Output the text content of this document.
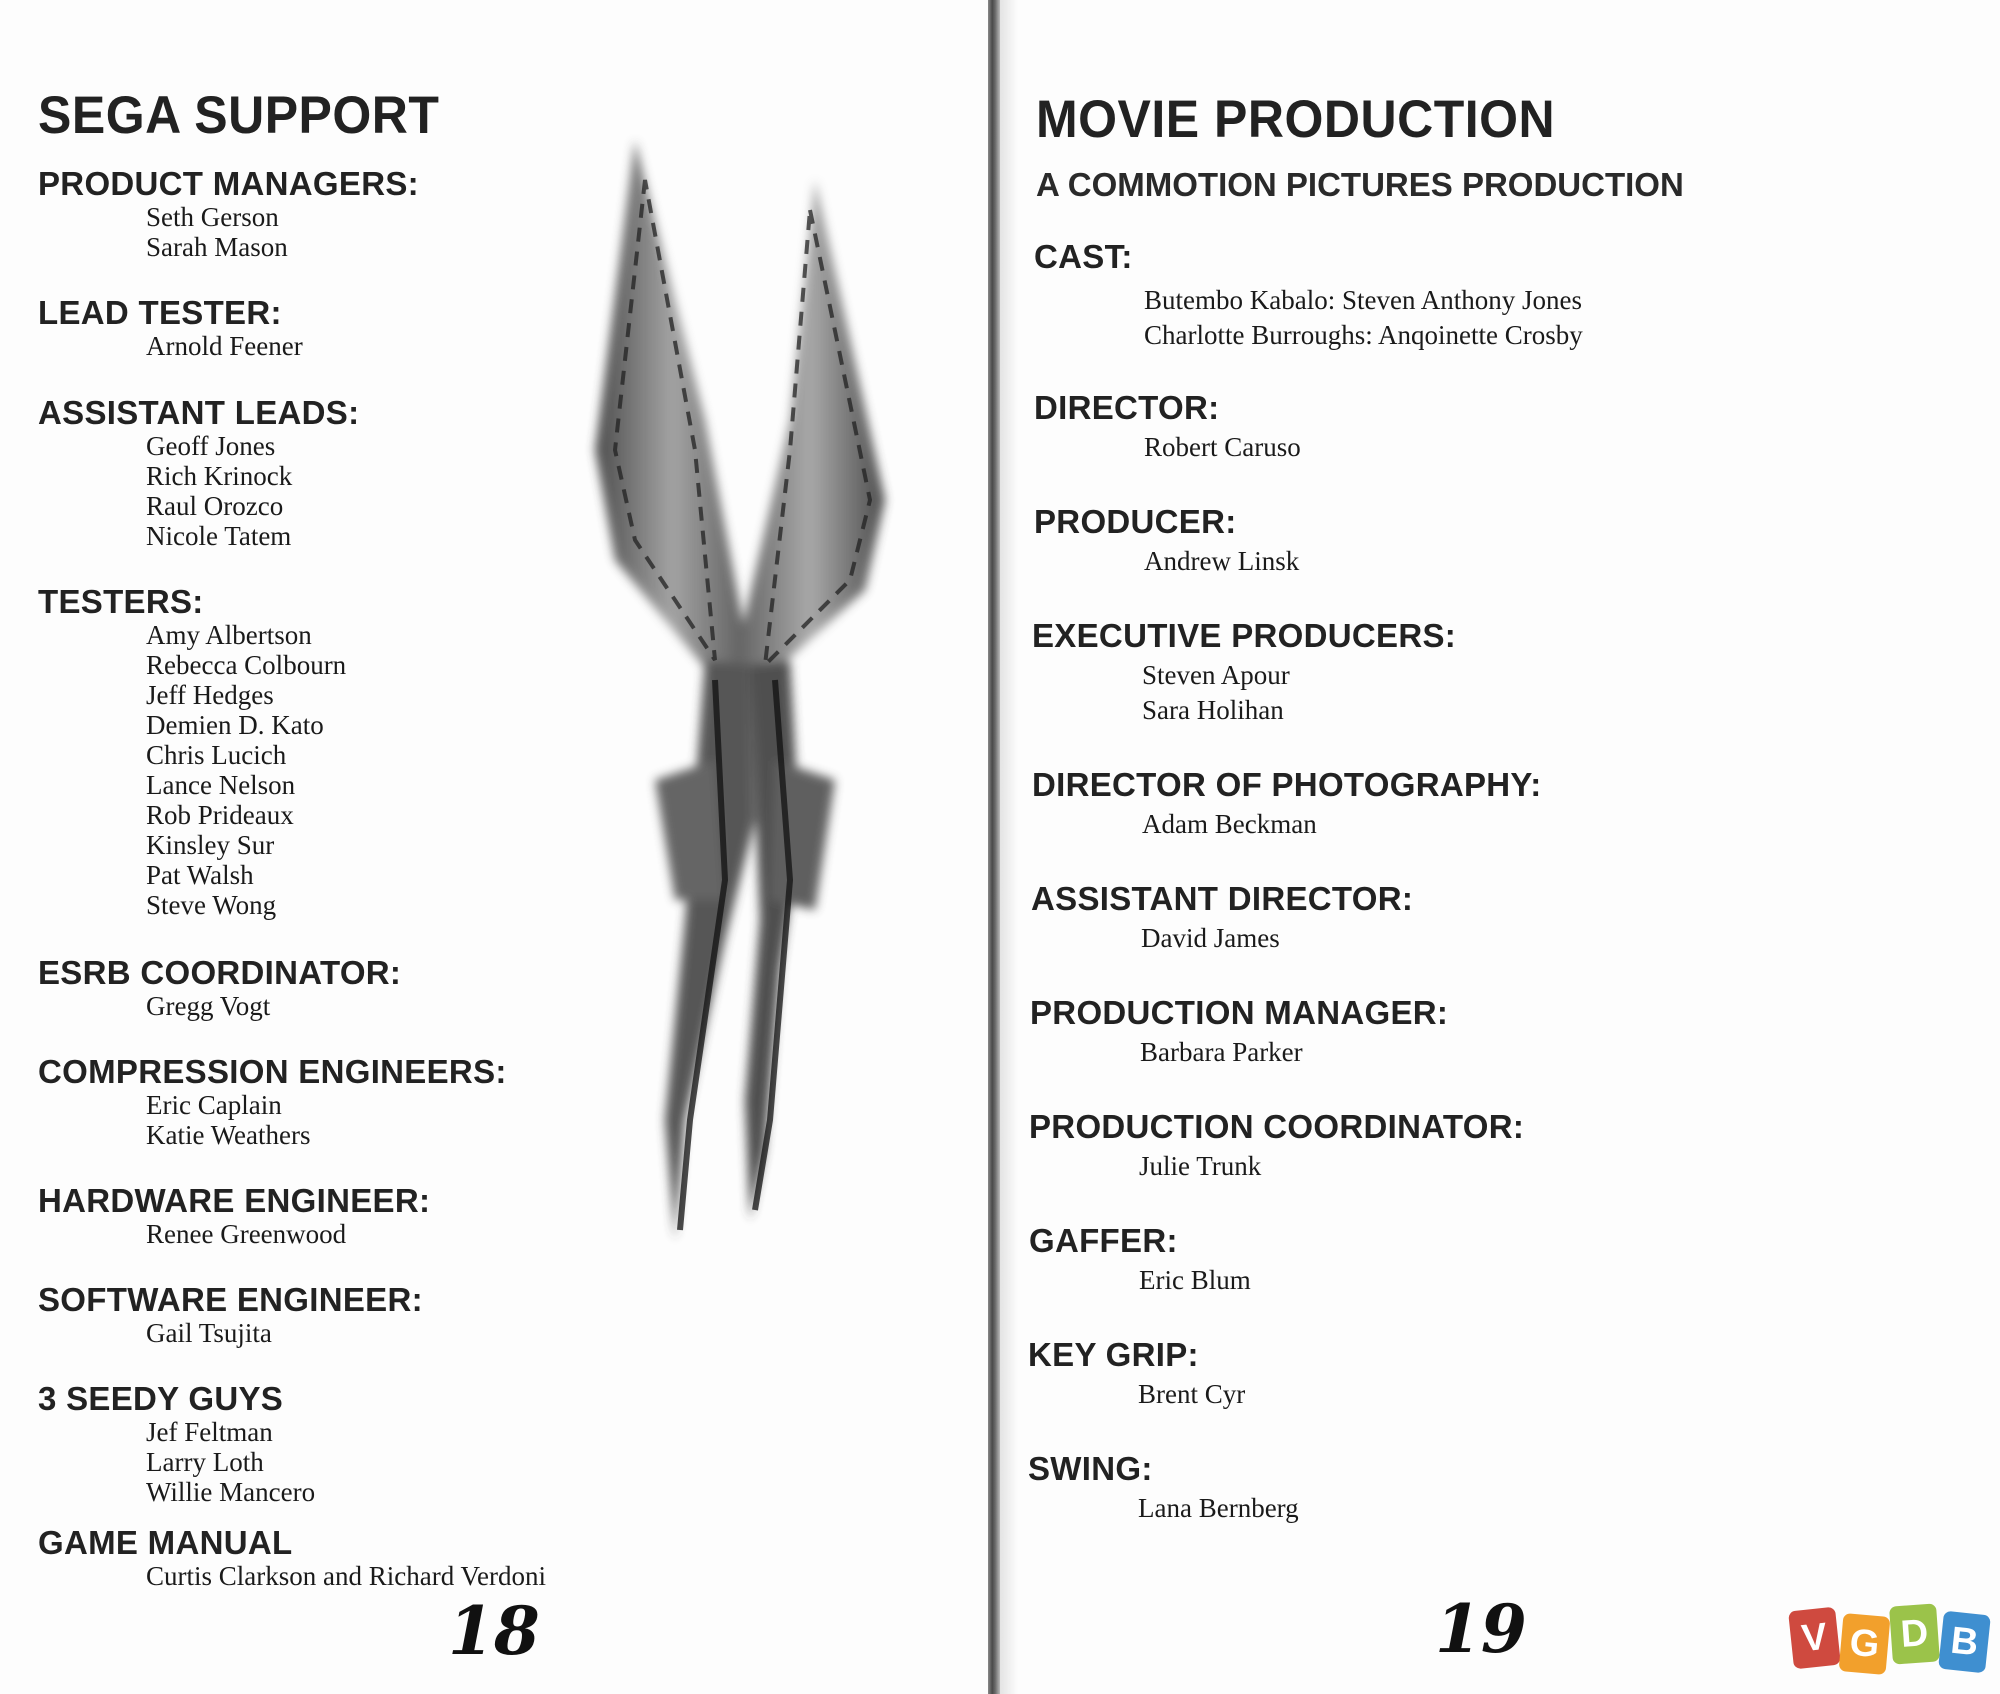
SEGA SUPPORT
PRODUCT MANAGERS:
Seth Gerson
Sarah Mason
LEAD TESTER:
Arnold Feener
ASSISTANT LEADS:
Geoff Jones
Rich Krinock
Raul Orozco
Nicole Tatem
TESTERS:
Amy Albertson
Rebecca Colbourn
Jeff Hedges
Demien D. Kato
Chris Lucich
Lance Nelson
Rob Prideaux
Kinsley Sur
Pat Walsh
Steve Wong
ESRB COORDINATOR:
Gregg Vogt
COMPRESSION ENGINEERS:
Eric Caplain
Katie Weathers
HARDWARE ENGINEER:
Renee Greenwood
SOFTWARE ENGINEER:
Gail Tsujita
3 SEEDY GUYS
Jef Feltman
Larry Loth
Willie Mancero
GAME MANUAL
Curtis Clarkson and Richard Verdoni
18
MOVIE PRODUCTION
A COMMOTION PICTURES PRODUCTION
CAST:
Butembo Kabalo: Steven Anthony Jones
Charlotte Burroughs: Anqoinette Crosby
DIRECTOR:
Robert Caruso
PRODUCER:
Andrew Linsk
EXECUTIVE PRODUCERS:
Steven Apour
Sara Holihan
DIRECTOR OF PHOTOGRAPHY:
Adam Beckman
ASSISTANT DIRECTOR:
David James
PRODUCTION MANAGER:
Barbara Parker
PRODUCTION COORDINATOR:
Julie Trunk
GAFFER:
Eric Blum
KEY GRIP:
Brent Cyr
SWING:
Lana Bernberg
19	V G D B
